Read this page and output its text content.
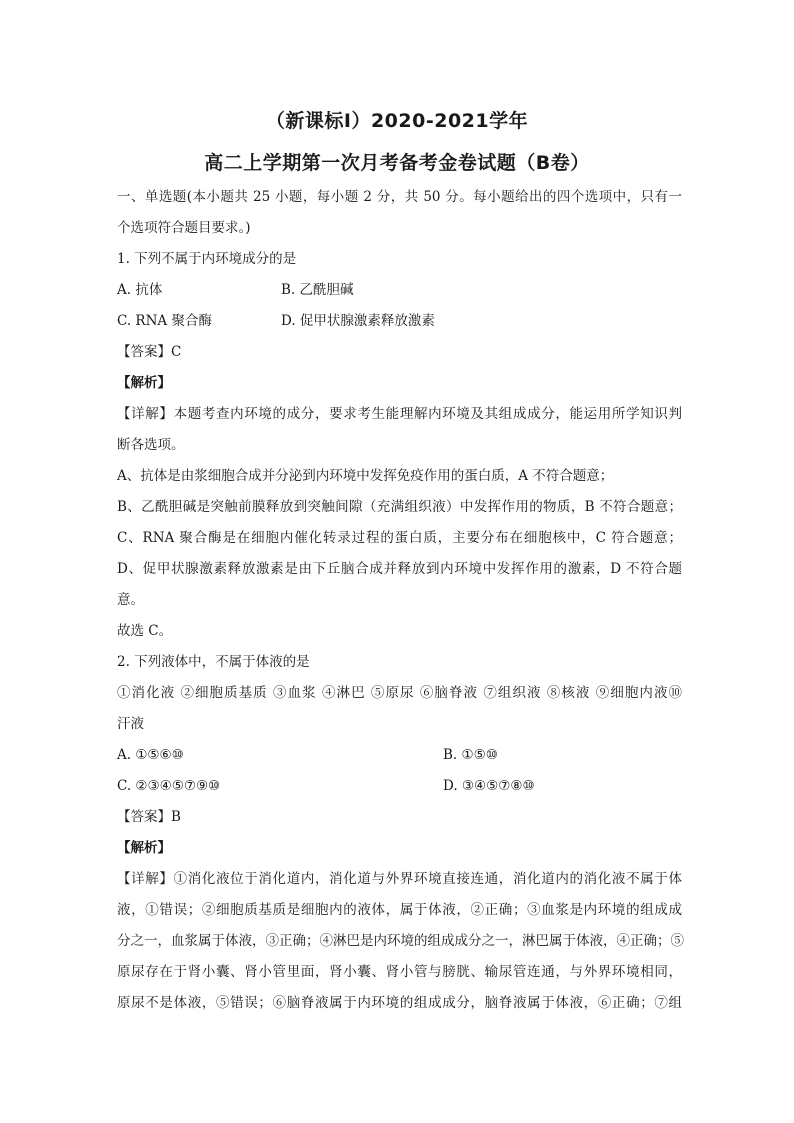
（新课标Ⅰ）2020-2021学年
高二上学期第一次月考备考金卷试题（B卷）
一、单选题(本小题共 25 小题，每小题 2 分，共 50 分。每小题给出的四个选项中，只有一
个选项符合题目要求。)
1. 下列不属于内环境成分的是
A. 抗体	B. 乙酰胆碱
C. RNA 聚合酶	D. 促甲状腺激素释放激素
【答案】C
【解析】
【详解】本题考查内环境的成分，要求考生能理解内环境及其组成成分，能运用所学知识判
断各选项。
A、抗体是由浆细胞合成并分泌到内环境中发挥免疫作用的蛋白质，A 不符合题意；
B、乙酰胆碱是突触前膜释放到突触间隙（充满组织液）中发挥作用的物质，B 不符合题意；
C、RNA 聚合酶是在细胞内催化转录过程的蛋白质，主要分布在细胞核中，C 符合题意；
D、促甲状腺激素释放激素是由下丘脑合成并释放到内环境中发挥作用的激素，D 不符合题
意。
故选 C。
2. 下列液体中，不属于体液的是
①消化液 ②细胞质基质 ③血浆 ④淋巴 ⑤原尿 ⑥脑脊液 ⑦组织液 ⑧核液 ⑨细胞内液⑩
汗液
A. ①⑤⑥⑩	B. ①⑤⑩
C. ②③④⑤⑦⑨⑩	D. ③④⑤⑦⑧⑩
【答案】B
【解析】
【详解】①消化液位于消化道内，消化道与外界环境直接连通，消化道内的消化液不属于体
液，①错误；②细胞质基质是细胞内的液体，属于体液，②正确；③血浆是内环境的组成成
分之一，血浆属于体液，③正确；④淋巴是内环境的组成成分之一，淋巴属于体液，④正确；⑤
原尿存在于肾小囊、肾小管里面，肾小囊、肾小管与膀胱、输尿管连通，与外界环境相同，
原尿不是体液，⑤错误；⑥脑脊液属于内环境的组成成分，脑脊液属于体液，⑥正确；⑦组
